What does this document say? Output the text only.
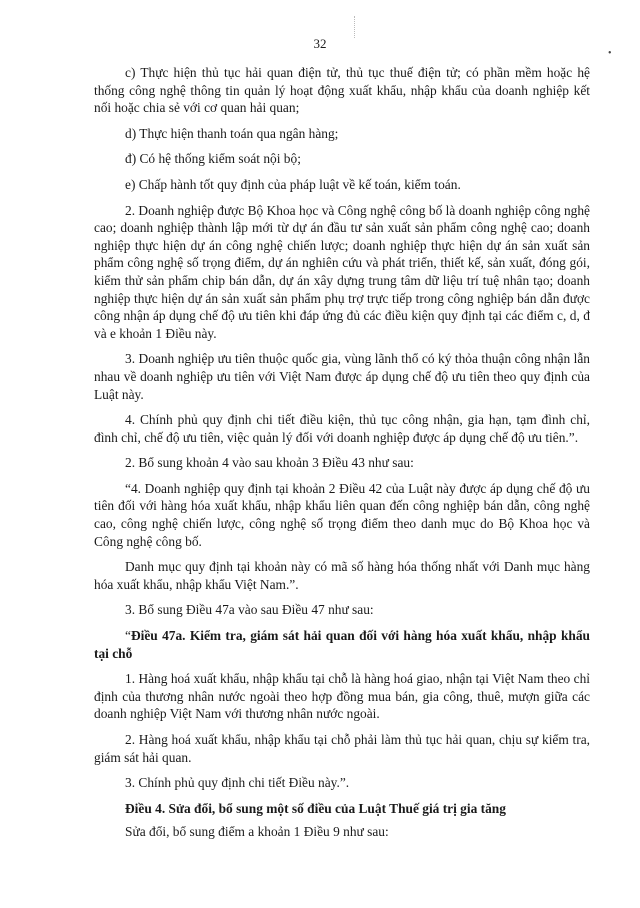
32
•

c) Thực hiện thủ tục hải quan điện tử, thủ tục thuế điện tử; có phần mềm hoặc hệ thống công nghệ thông tin quản lý hoạt động xuất khẩu, nhập khẩu của doanh nghiệp kết nối hoặc chia sẻ với cơ quan hải quan;

d) Thực hiện thanh toán qua ngân hàng;

đ) Có hệ thống kiểm soát nội bộ;

e) Chấp hành tốt quy định của pháp luật về kế toán, kiểm toán.

2. Doanh nghiệp được Bộ Khoa học và Công nghệ công bố là doanh nghiệp công nghệ cao; doanh nghiệp thành lập mới từ dự án đầu tư sản xuất sản phẩm công nghệ cao; doanh nghiệp thực hiện dự án công nghệ chiến lược; doanh nghiệp thực hiện dự án sản xuất sản phẩm công nghệ số trọng điểm, dự án nghiên cứu và phát triển, thiết kế, sản xuất, đóng gói, kiểm thử sản phẩm chip bán dẫn, dự án xây dựng trung tâm dữ liệu trí tuệ nhân tạo; doanh nghiệp thực hiện dự án sản xuất sản phẩm phụ trợ trực tiếp trong công nghiệp bán dẫn được công nhận áp dụng chế độ ưu tiên khi đáp ứng đủ các điều kiện quy định tại các điểm c, d, đ và e khoản 1 Điều này.

3. Doanh nghiệp ưu tiên thuộc quốc gia, vùng lãnh thổ có ký thỏa thuận công nhận lẫn nhau về doanh nghiệp ưu tiên với Việt Nam được áp dụng chế độ ưu tiên theo quy định của Luật này.

4. Chính phủ quy định chi tiết điều kiện, thủ tục công nhận, gia hạn, tạm đình chỉ, đình chỉ, chế độ ưu tiên, việc quản lý đối với doanh nghiệp được áp dụng chế độ ưu tiên.”.

2. Bổ sung khoản 4 vào sau khoản 3 Điều 43 như sau:

“4. Doanh nghiệp quy định tại khoản 2 Điều 42 của Luật này được áp dụng chế độ ưu tiên đối với hàng hóa xuất khẩu, nhập khẩu liên quan đến công nghiệp bán dẫn, công nghệ cao, công nghệ chiến lược, công nghệ số trọng điểm theo danh mục do Bộ Khoa học và Công nghệ công bố.

Danh mục quy định tại khoản này có mã số hàng hóa thống nhất với Danh mục hàng hóa xuất khẩu, nhập khẩu Việt Nam.”.

3. Bổ sung Điều 47a vào sau Điều 47 như sau:

“Điều 47a. Kiểm tra, giám sát hải quan đối với hàng hóa xuất khẩu, nhập khẩu tại chỗ

1. Hàng hoá xuất khẩu, nhập khẩu tại chỗ là hàng hoá giao, nhận tại Việt Nam theo chỉ định của thương nhân nước ngoài theo hợp đồng mua bán, gia công, thuê, mượn giữa các doanh nghiệp Việt Nam với thương nhân nước ngoài.

2. Hàng hoá xuất khẩu, nhập khẩu tại chỗ phải làm thủ tục hải quan, chịu sự kiểm tra, giám sát hải quan.

3. Chính phủ quy định chi tiết Điều này.”.

Điều 4. Sửa đổi, bổ sung một số điều của Luật Thuế giá trị gia tăng

Sửa đổi, bổ sung điểm a khoản 1 Điều 9 như sau:
